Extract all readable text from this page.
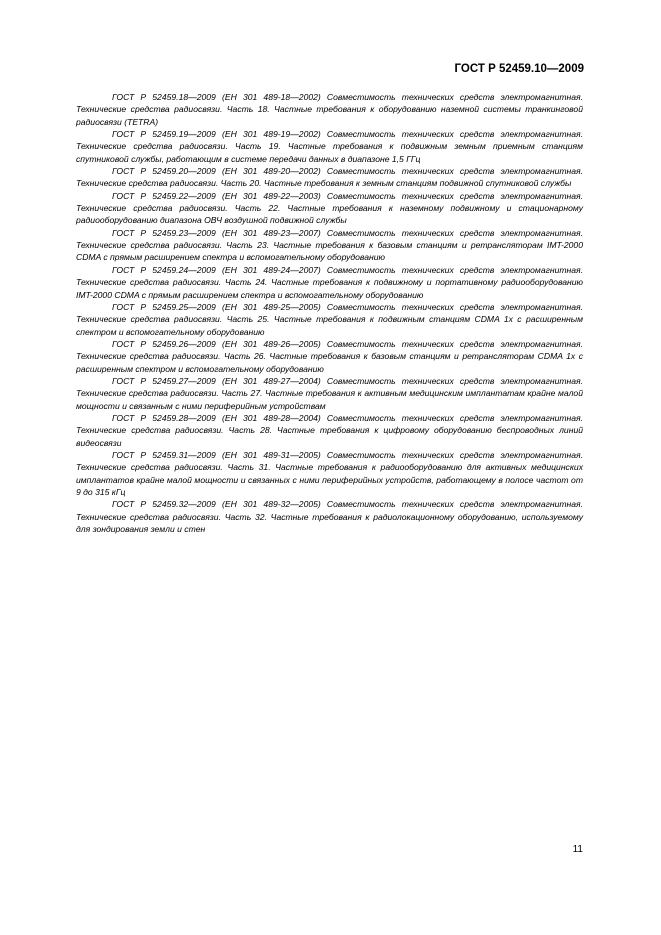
ГОСТ Р 52459.10—2009

ГОСТ Р 52459.18—2009 (ЕН 301 489-18—2002) Совместимость технических средств электромагнитная. Технические средства радиосвязи. Часть 18. Частные требования к оборудованию наземной системы транкинговой радиосвязи (TETRA)

ГОСТ Р 52459.19—2009 (ЕН 301 489-19—2002) Совместимость технических средств электромагнитная. Технические средства радиосвязи. Часть 19. Частные требования к подвижным земным приемным станциям спутниковой службы, работающим в системе передачи данных в диапазоне 1,5 ГГц

ГОСТ Р 52459.20—2009 (ЕН 301 489-20—2002) Совместимость технических средств электромагнитная. Технические средства радиосвязи. Часть 20. Частные требования к земным станциям подвижной спутниковой службы

ГОСТ Р 52459.22—2009 (ЕН 301 489-22—2003) Совместимость технических средств электромагнитная. Технические средства радиосвязи. Часть 22. Частные требования к наземному подвижному и стационарному радиооборудованию диапазона ОВЧ воздушной подвижной службы

ГОСТ Р 52459.23—2009 (ЕН 301 489-23—2007) Совместимость технических средств электромагнитная. Технические средства радиосвязи. Часть 23. Частные требования к базовым станциям и ретрансляторам IMT-2000 CDMA с прямым расширением спектра и вспомогательному оборудованию

ГОСТ Р 52459.24—2009 (ЕН 301 489-24—2007) Совместимость технических средств электромагнитная. Технические средства радиосвязи. Часть 24. Частные требования к подвижному и портативному радиооборудованию IMT-2000 CDMA с прямым расширением спектра и вспомогательному оборудованию

ГОСТ Р 52459.25—2009 (ЕН 301 489-25—2005) Совместимость технических средств электромагнитная. Технические средства радиосвязи. Часть 25. Частные требования к подвижным станциям CDMA 1x с расширенным спектром и вспомогательному оборудованию

ГОСТ Р 52459.26—2009 (ЕН 301 489-26—2005) Совместимость технических средств электромагнитная. Технические средства радиосвязи. Часть 26. Частные требования к базовым станциям и ретрансляторам CDMA 1x с расширенным спектром и вспомогательному оборудованию

ГОСТ Р 52459.27—2009 (ЕН 301 489-27—2004) Совместимость технических средств электромагнитная. Технические средства радиосвязи. Часть 27. Частные требования к активным медицинским имплантатам крайне малой мощности и связанным с ними периферийным устройствам

ГОСТ Р 52459.28—2009 (ЕН 301 489-28—2004) Совместимость технических средств электромагнитная. Технические средства радиосвязи. Часть 28. Частные требования к цифровому оборудованию беспроводных линий видеосвязи

ГОСТ Р 52459.31—2009 (ЕН 301 489-31—2005) Совместимость технических средств электромагнитная. Технические средства радиосвязи. Часть 31. Частные требования к радиооборудованию для активных медицинских имплантатов крайне малой мощности и связанных с ними периферийных устройств, работающему в полосе частот от 9 до 315 кГц

ГОСТ Р 52459.32—2009 (ЕН 301 489-32—2005) Совместимость технических средств электромагнитная. Технические средства радиосвязи. Часть 32. Частные требования к радиолокационному оборудованию, используемому для зондирования земли и стен

11
